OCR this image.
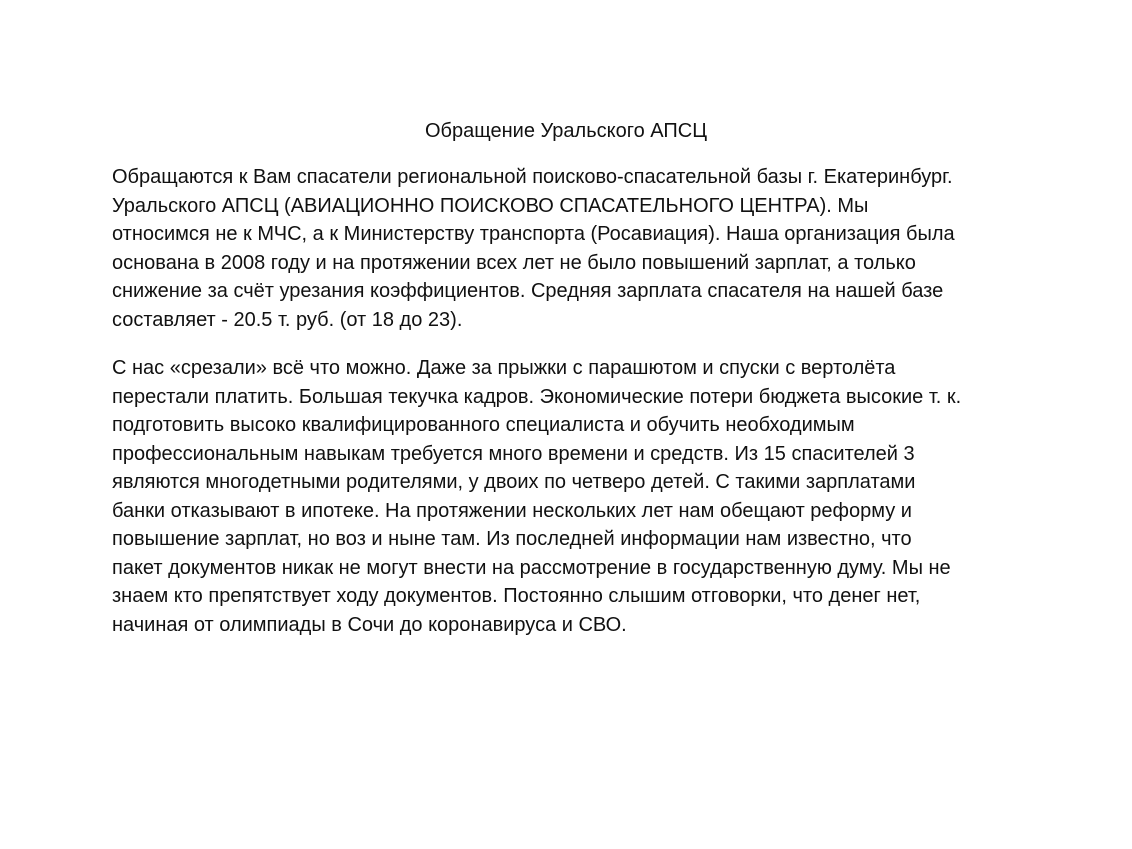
Обращение Уральского АПСЦ

Обращаются к Вам спасатели региональной поисково-спасательной базы г. Екатеринбург.
Уральского АПСЦ (АВИАЦИОННО ПОИСКОВО СПАСАТЕЛЬНОГО ЦЕНТРА). Мы
относимся не к МЧС, а к Министерству транспорта (Росавиация). Наша организация была
основана в 2008 году и на протяжении всех лет не было повышений зарплат, а только
снижение за счёт урезания коэффициентов. Средняя зарплата спасателя на нашей базе
составляет - 20.5 т. руб. (от 18 до 23).

С нас «срезали» всё что можно. Даже за прыжки с парашютом и спуски с вертолёта
перестали платить. Большая текучка кадров. Экономические потери бюджета высокие т. к.
подготовить высоко квалифицированного специалиста и обучить необходимым
профессиональным навыкам требуется много времени и средств. Из 15 спасителей 3
являются многодетными родителями, у двоих по четверо детей. С такими зарплатами
банки отказывают в ипотеке. На протяжении нескольких лет нам обещают реформу и
повышение зарплат, но воз и ныне там. Из последней информации нам известно, что
пакет документов никак не могут внести на рассмотрение в государственную думу. Мы не
знаем кто препятствует ходу документов. Постоянно слышим отговорки, что денег нет,
начиная от олимпиады в Сочи до коронавируса и СВО.
